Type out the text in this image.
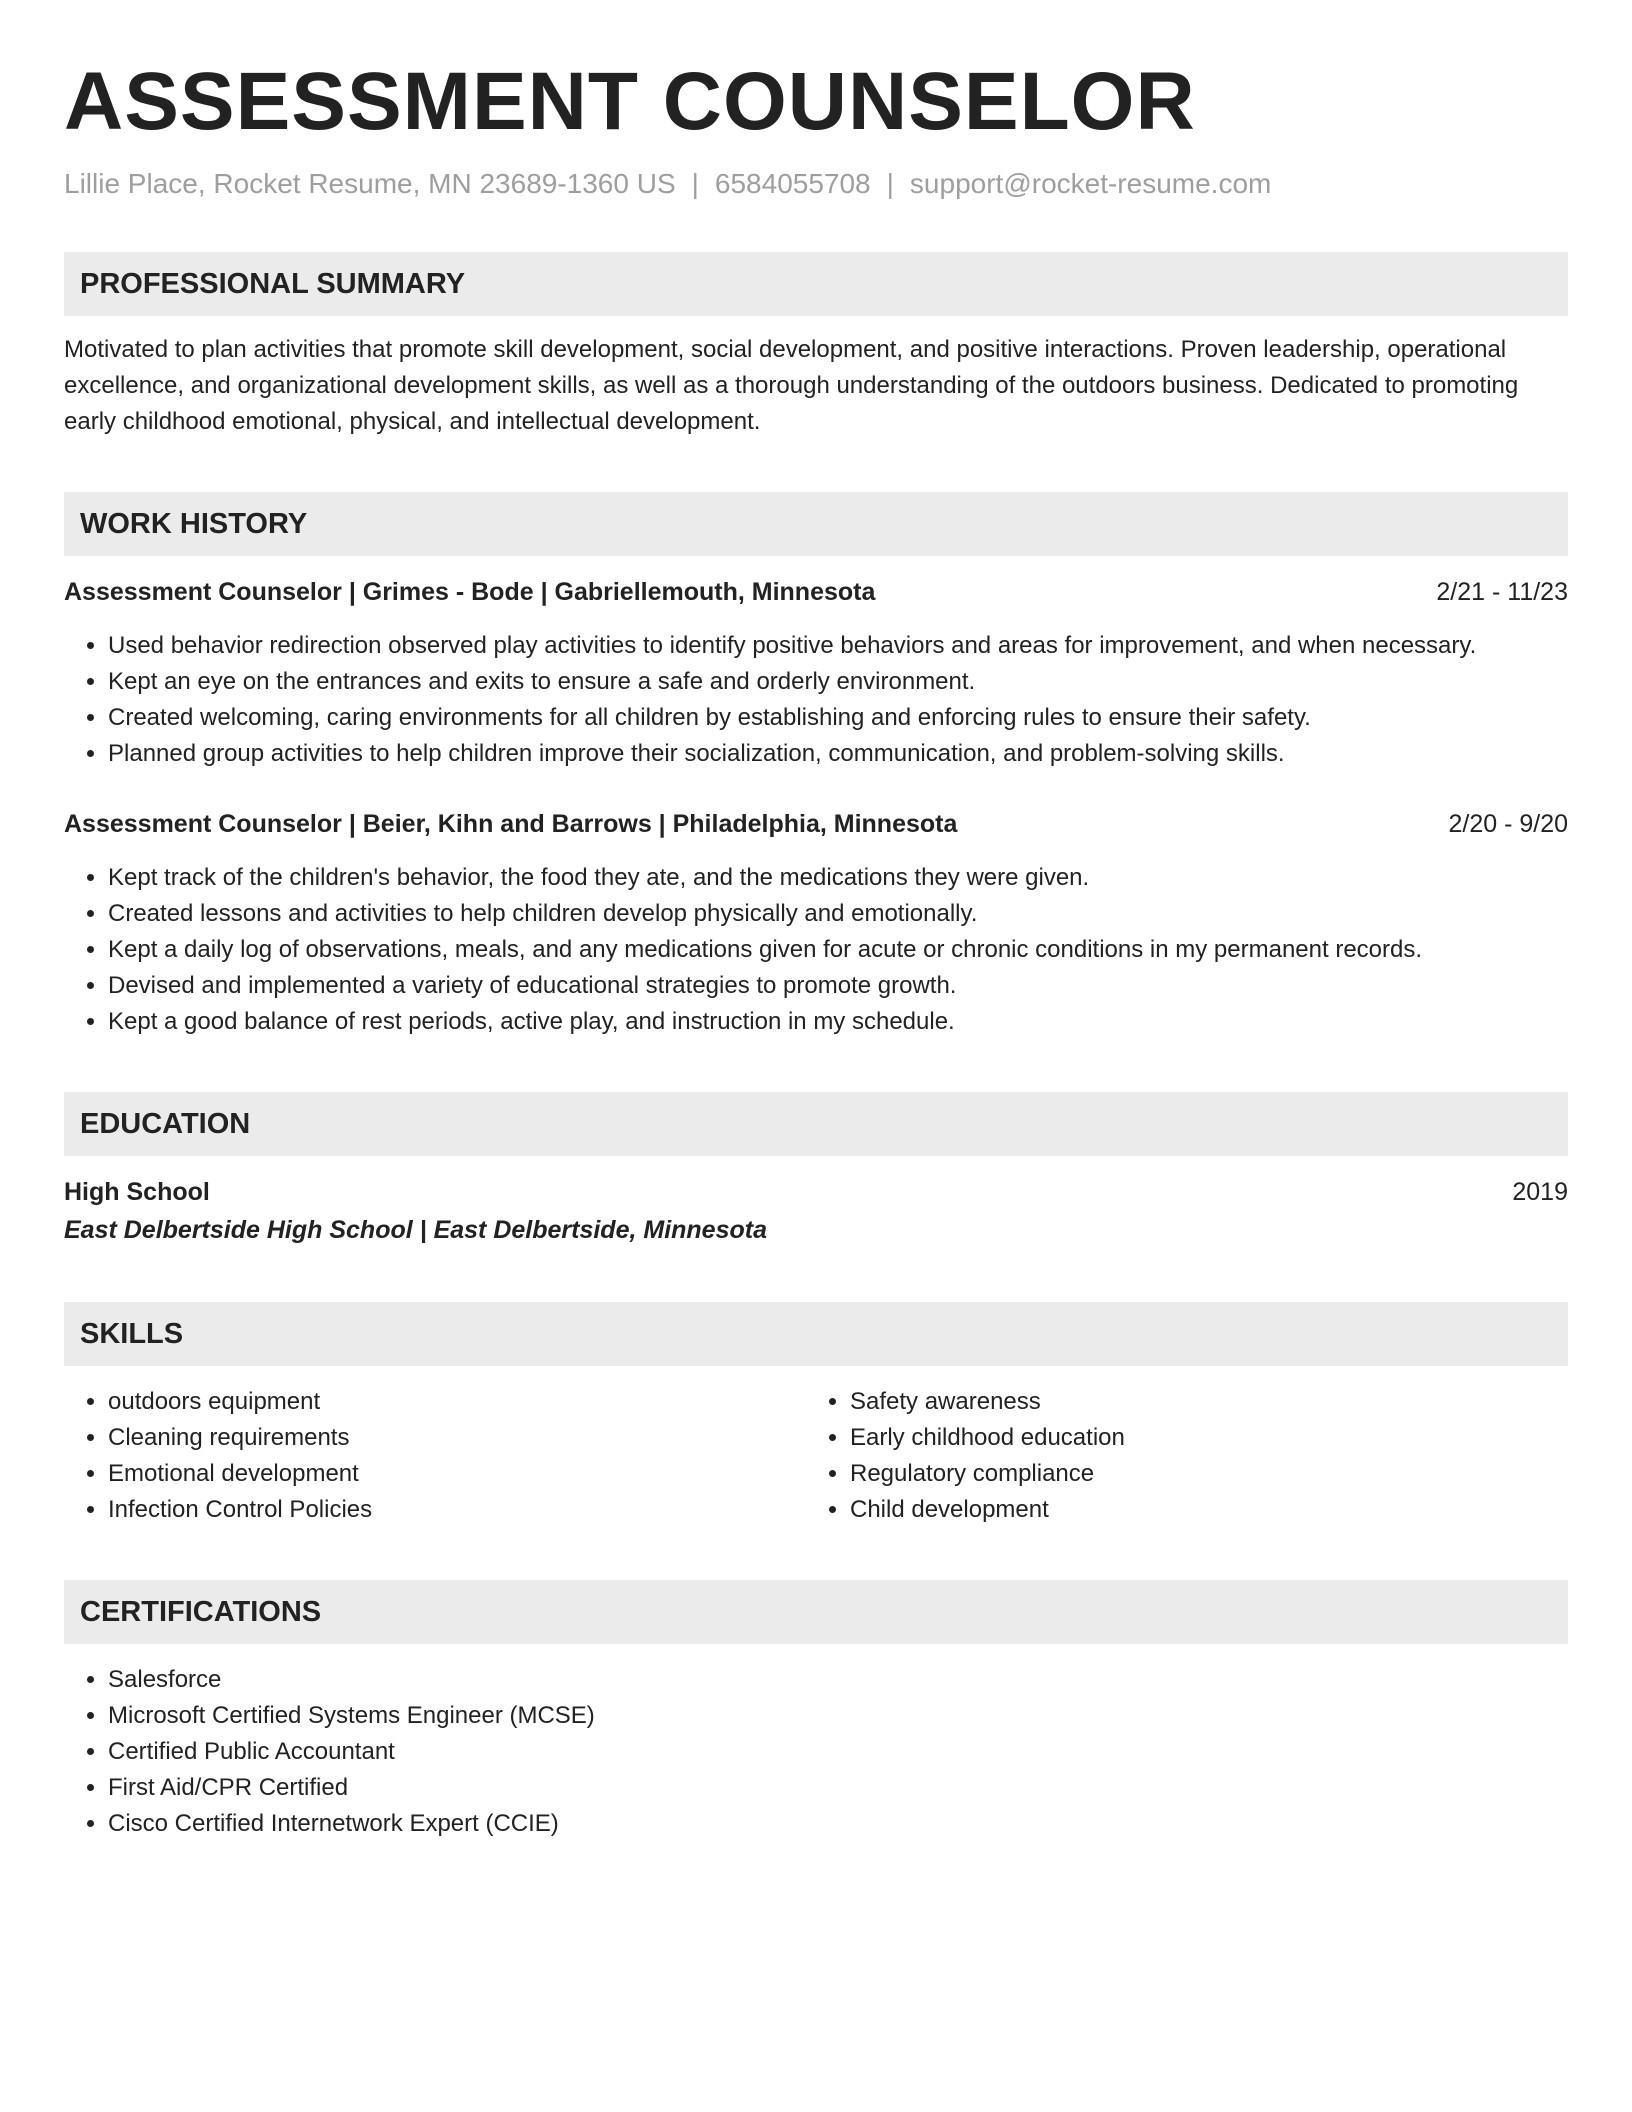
ASSESSMENT COUNSELOR
Lillie Place, Rocket Resume, MN 23689-1360 US | 6584055708 | support@rocket-resume.com
PROFESSIONAL SUMMARY
Motivated to plan activities that promote skill development, social development, and positive interactions. Proven leadership, operational excellence, and organizational development skills, as well as a thorough understanding of the outdoors business. Dedicated to promoting early childhood emotional, physical, and intellectual development.
WORK HISTORY
Assessment Counselor | Grimes - Bode | Gabriellemouth, Minnesota	2/21 - 11/23
• Used behavior redirection observed play activities to identify positive behaviors and areas for improvement, and when necessary.
• Kept an eye on the entrances and exits to ensure a safe and orderly environment.
• Created welcoming, caring environments for all children by establishing and enforcing rules to ensure their safety.
• Planned group activities to help children improve their socialization, communication, and problem-solving skills.
Assessment Counselor | Beier, Kihn and Barrows | Philadelphia, Minnesota	2/20 - 9/20
• Kept track of the children's behavior, the food they ate, and the medications they were given.
• Created lessons and activities to help children develop physically and emotionally.
• Kept a daily log of observations, meals, and any medications given for acute or chronic conditions in my permanent records.
• Devised and implemented a variety of educational strategies to promote growth.
• Kept a good balance of rest periods, active play, and instruction in my schedule.
EDUCATION
High School	2019
East Delbertside High School | East Delbertside, Minnesota
SKILLS
• outdoors equipment
• Cleaning requirements
• Emotional development
• Infection Control Policies
• Safety awareness
• Early childhood education
• Regulatory compliance
• Child development
CERTIFICATIONS
• Salesforce
• Microsoft Certified Systems Engineer (MCSE)
• Certified Public Accountant
• First Aid/CPR Certified
• Cisco Certified Internetwork Expert (CCIE)
